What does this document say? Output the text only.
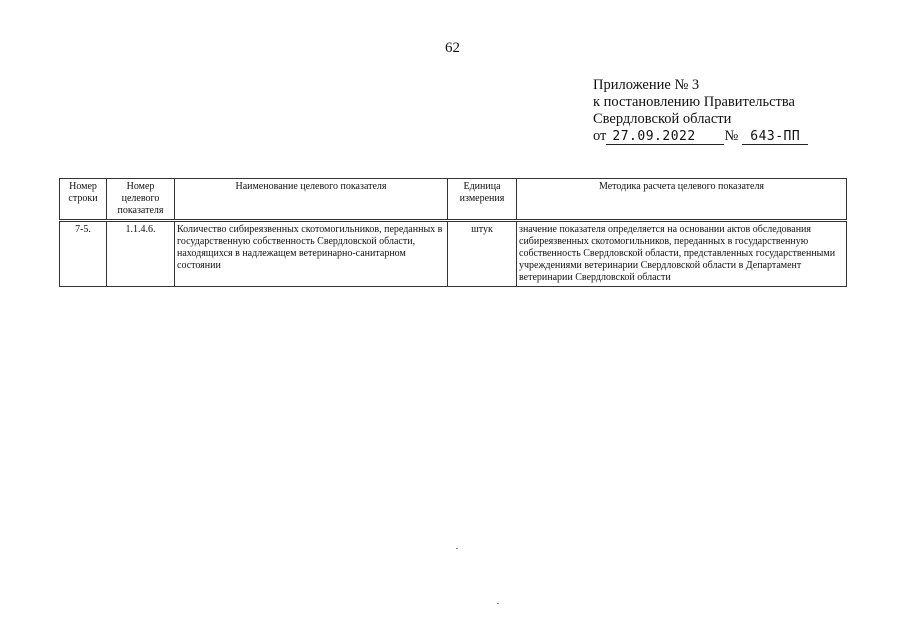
62
Приложение № 3
к постановлению Правительства
Свердловской области
от 27.09.2022 № 643-ПП
Номер строки	Номер целевого показателя	Наименование целевого показателя	Единица измерения	Методика расчета целевого показателя
7-5.	1.1.4.6.	Количество сибиреязвенных скотомогильников, переданных в государственную собственность Свердловской области, находящихся в надлежащем ветеринарно-санитарном состоянии	штук	значение показателя определяется на основании актов обследования сибиреязвенных скотомогильников, переданных в государственную собственность Свердловской области, представленных государственными учреждениями ветеринарии Свердловской области в Департамент ветеринарии Свердловской области
